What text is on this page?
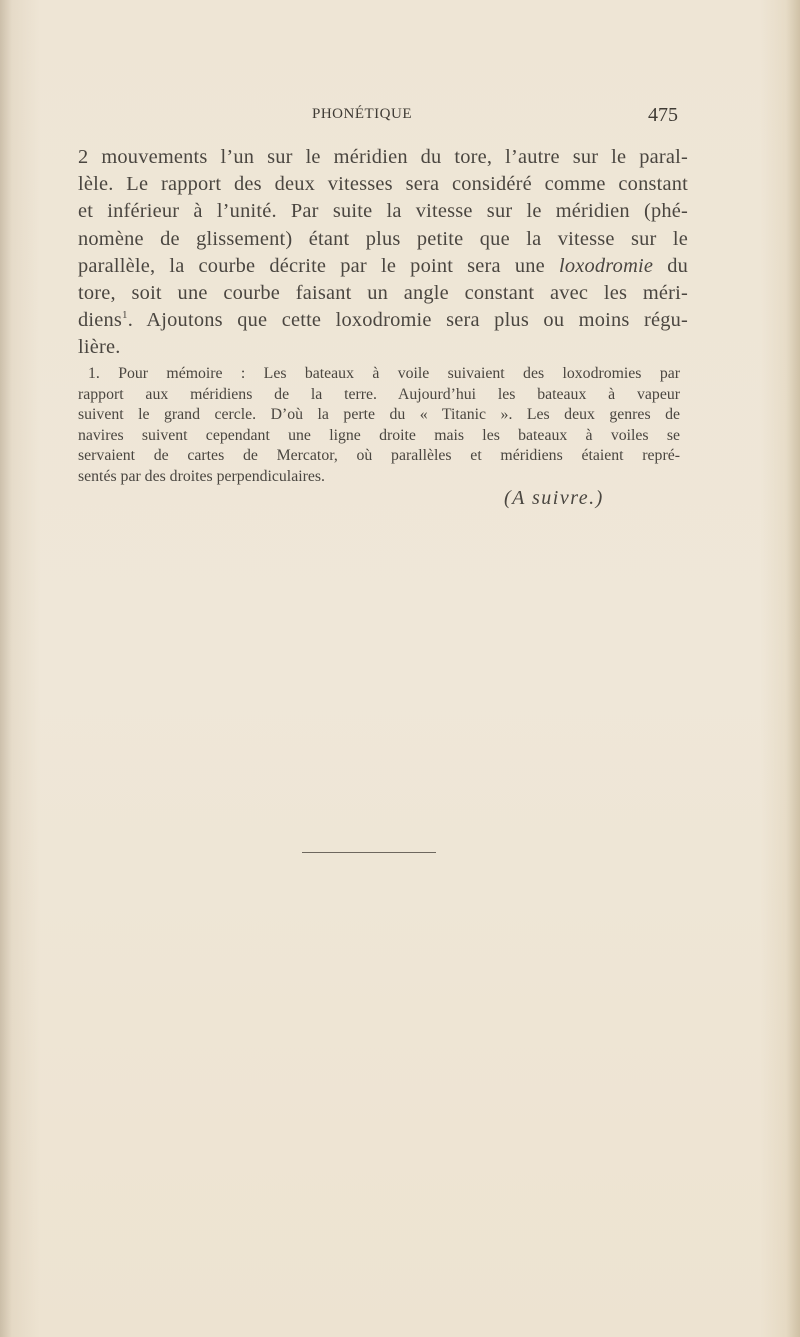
PHONÉTIQUE	475
2 mouvements l’un sur le méridien du tore, l’autre sur le paral-
lèle. Le rapport des deux vitesses sera considéré comme constant
et inférieur à l’unité. Par suite la vitesse sur le méridien (phé-
nomène de glissement) étant plus petite que la vitesse sur le
parallèle, la courbe décrite par le point sera une loxodromie du
tore, soit une courbe faisant un angle constant avec les méri-
diens$^1$. Ajoutons que cette loxodromie sera plus ou moins régu-
lière.
1. Pour mémoire : Les bateaux à voile suivaient des loxodromies par
rapport aux méridiens de la terre. Aujourd’hui les bateaux à vapeur
suivent le grand cercle. D’où la perte du « Titanic ». Les deux genres de
navires suivent cependant une ligne droite mais les bateaux à voiles se
servaient de cartes de Mercator, où parallèles et méridiens étaient repré-
sentés par des droites perpendiculaires.
(A suivre.)
